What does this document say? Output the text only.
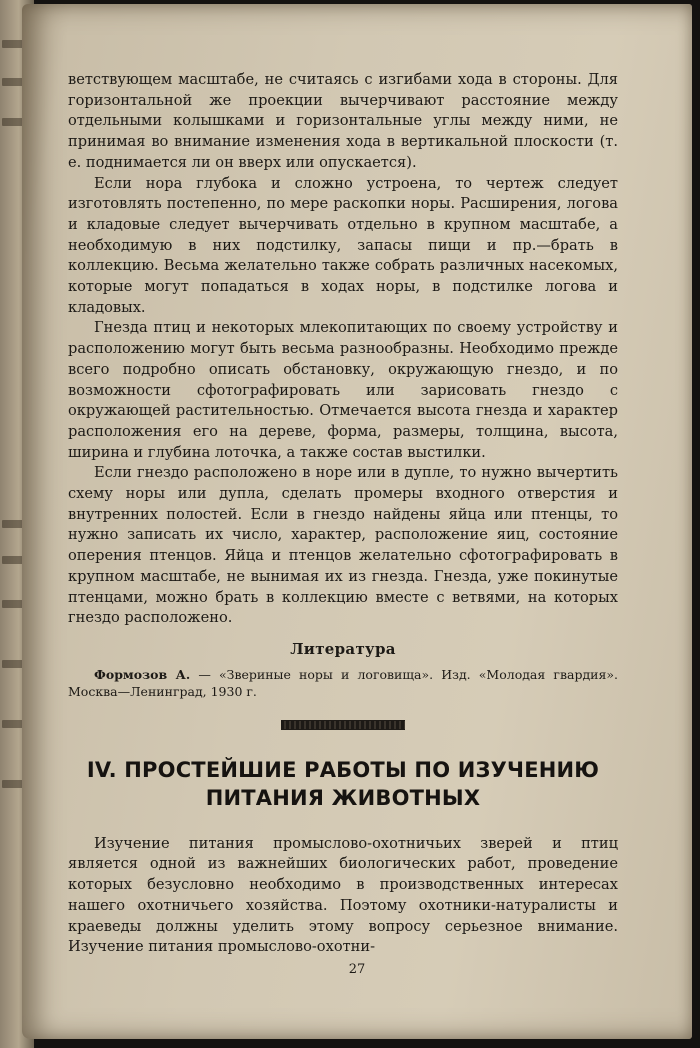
ветствующем масштабе, не считаясь с изгибами хода в стороны. Для горизонтальной же проекции вычерчивают расстояние между отдельными колышками и горизонтальные углы между ними, не принимая во внимание изменения хода в вертикальной плоскости (т. е. поднимается ли он вверх или опускается).

Если нора глубока и сложно устроена, то чертеж следует изготовлять постепенно, по мере раскопки норы. Расширения, логова и кладовые следует вычерчивать отдельно в крупном масштабе, а необходимую в них подстилку, запасы пищи и пр.—брать в коллекцию. Весьма желательно также собрать различных насекомых, которые могут попадаться в ходах норы, в подстилке логова и кладовых.

Гнезда птиц и некоторых млекопитающих по своему устройству и расположению могут быть весьма разнообразны. Необходимо прежде всего подробно описать обстановку, окружающую гнездо, и по возможности сфотографировать или зарисовать гнездо с окружающей растительностью. Отмечается высота гнезда и характер расположения его на дереве, форма, размеры, толщина, высота, ширина и глубина лоточка, а также состав выстилки.

Если гнездо расположено в норе или в дупле, то нужно вычертить схему норы или дупла, сделать промеры входного отверстия и внутренних полостей. Если в гнездо найдены яйца или птенцы, то нужно записать их число, характер, расположение яиц, состояние оперения птенцов. Яйца и птенцов желательно сфотографировать в крупном масштабе, не вынимая их из гнезда. Гнезда, уже покинутые птенцами, можно брать в коллекцию вместе с ветвями, на которых гнездо расположено.

Литература

Формозов А. — «Звериные норы и логовища». Изд. «Молодая гвардия». Москва—Ленинград, 1930 г.

IV. ПРОСТЕЙШИЕ РАБОТЫ ПО ИЗУЧЕНИЮ
ПИТАНИЯ ЖИВОТНЫХ

Изучение питания промыслово-охотничьих зверей и птиц является одной из важнейших биологических работ, проведение которых безусловно необходимо в производственных интересах нашего охотничьего хозяйства. Поэтому охотники-натуралисты и краеведы должны уделить этому вопросу серьезное внимание. Изучение питания промыслово-охотни-

27
